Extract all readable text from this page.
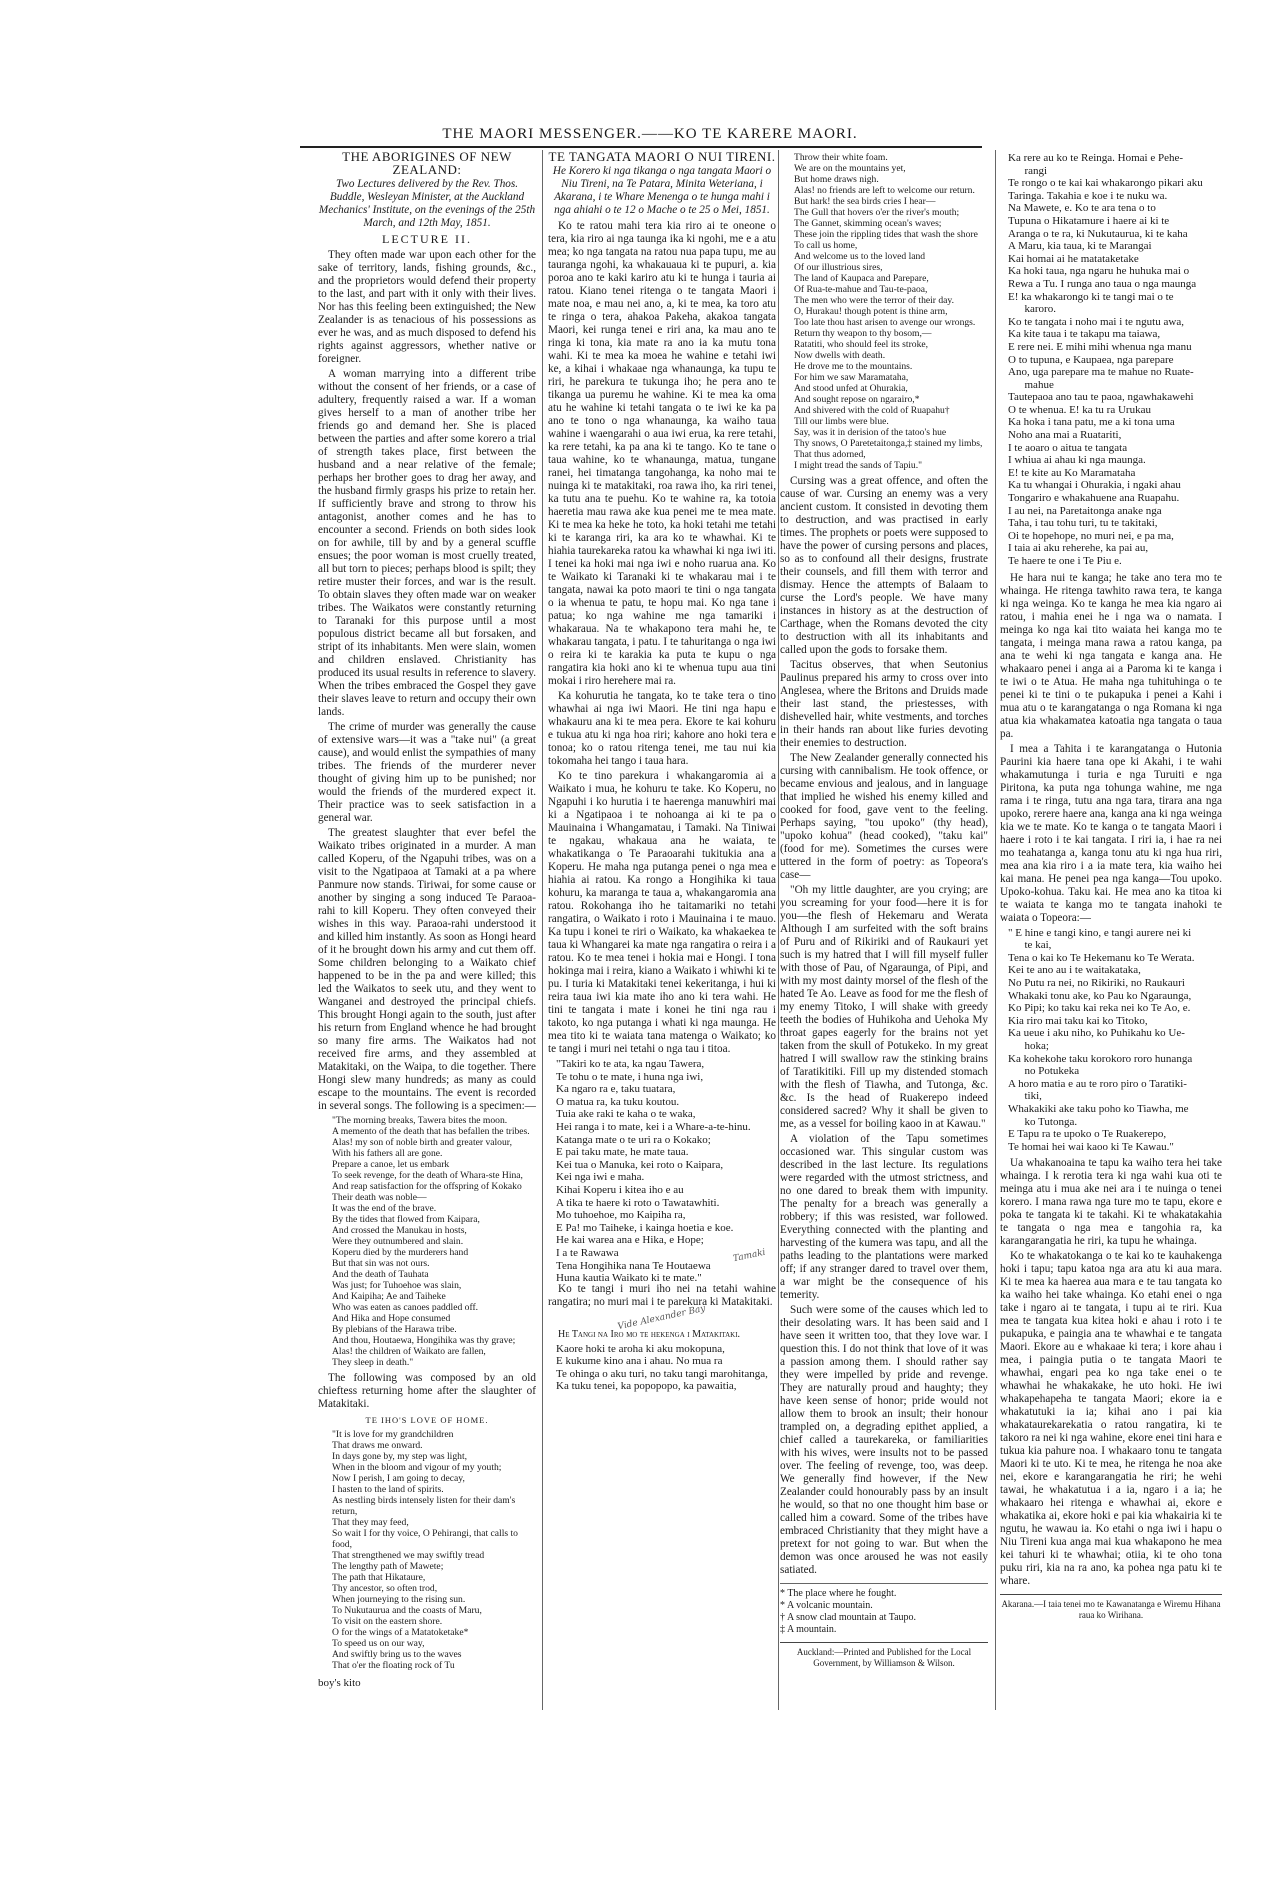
THE MAORI MESSENGER.——KO TE KARERE MAORI.
THE ABORIGINES OF NEW ZEALAND:
Two Lectures delivered by the Rev. Thos. Buddle, Wesleyan Minister, at the Auckland Mechanics' Institute, on the evenings of the 25th March, and 12th May, 1851.
LECTURE II.

They often made war upon each other for the sake of territory, lands, fishing grounds, &c., and the proprietors would defend their property to the last, and part with it only with their lives. Nor has this feeling been extinguished; the New Zealander is as tenacious of his possessions as ever he was, and as much disposed to defend his rights against aggressors, whether native or foreigner.

A woman marrying into a different tribe without the consent of her friends, or a case of adultery, frequently raised a war. If a woman gives herself to a man of another tribe her friends go and demand her. She is placed between the parties and after some korero a trial of strength takes place, first between the husband and a near relative of the female; perhaps her brother goes to drag her away, and the husband firmly grasps his prize to retain her. If sufficiently brave and strong to throw his antagonist, another comes and he has to encounter a second. Friends on both sides look on for awhile, till by and by a general scuffle ensues; the poor woman is most cruelly treated, all but torn to pieces; perhaps blood is spilt; they retire muster their forces, and war is the result. To obtain slaves they often made war on weaker tribes. The Waikatos were constantly returning to Taranaki for this purpose until a most populous district became all but forsaken, and stript of its inhabitants. Men were slain, women and children enslaved. Christianity has produced its usual results in reference to slavery. When the tribes embraced the Gospel they gave their slaves leave to return and occupy their own lands.

The crime of murder was generally the cause of extensive wars—it was a "take nui" (a great cause), and would enlist the sympathies of many tribes. The friends of the murderer never thought of giving him up to be punished; nor would the friends of the murdered expect it. Their practice was to seek satisfaction in a general war.

The greatest slaughter that ever befel the Waikato tribes originated in a murder. A man called Koperu, of the Ngapuhi tribes, was on a visit to the Ngatipaoa at Tamaki at a pa where Panmure now stands. Tiriwai, for some cause or another by singing a song induced Te Paraoa-rahi to kill Koperu. They often conveyed their wishes in this way. Paraoa-rahi understood it and killed him instantly. As soon as Hongi heard of it he brought down his army and cut them off. Some children belonging to a Waikato chief happened to be in the pa and were killed; this led the Waikatos to seek utu, and they went to Wanganei and destroyed the principal chiefs. This brought Hongi again to the south, just after his return from England whence he had brought so many fire arms. The Waikatos had not received fire arms, and they assembled at Matakitaki, on the Waipa, to die together. There Hongi slew many hundreds; as many as could escape to the mountains. The event is recorded in several songs. The following is a specimen:—

"The morning breaks, Tawera bites the moon.
A memento of the death that has befallen the tribes.
Alas! my son of noble birth and greater valour,
With his fathers all are gone.
Prepare a canoe, let us embark
To seek revenge, for the death of Whara-ste Hina,
And reap satisfaction for the offspring of Kokako
Their death was noble—
It was the end of the brave.
By the tides that flowed from Kaipara,
And crossed the Manukau in hosts,
Were they outnumbered and slain.
Koperu died by the murderers hand
But that sin was not ours.
And the death of Tauhata
Was just; for Tuhoehoe was slain,
And Kaipiha; Ae and Taiheke
Who was eaten as canoes paddled off.
And Hika and Hope consumed
By plebians of the Harawa tribe.
And thou, Houtaewa, Hongihika was thy grave;
Alas! the children of Waikato are fallen,
They sleep in death."

The following was composed by an old chieftess returning home after the slaughter of Matakitaki.

TE IHO'S LOVE OF HOME.
"It is love for my grandchildren
That draws me onward.
In days gone by, my step was light,
When in the bloom and vigour of my youth;
Now I perish, I am going to decay,
I hasten to the land of spirits.
As nestling birds intensely listen for their dam's return,
That they may feed,
So wait I for thy voice, O Pehirangi, that calls to food,
That strengthened we may swiftly tread
The lengthy path of Mawete;
The path that Hikataure,
Thy ancestor, so often trod,
When journeying to the rising sun.
To Nukutaurua and the coasts of Maru,
To visit on the eastern shore.
O for the wings of a Matatoketake*
To speed us on our way,
And swiftly bring us to the waves
That o'er the floating rock of Tu
boy's kito
TE TANGATA MAORI O NUI TIRENI.
He Korero ki nga tikanga o nga tangata Maori o Niu Tireni, na Te Patara, Minita Weteriana, i Akarana, i te Whare Menenga o te hunga mahi i nga ahiahi o te 12 o Mache o te 25 o Mei, 1851.

Ko te ratou mahi tera kia riro ai te oneone o tera, kia riro ai nga taunga ika ki ngohi, me e a atu mea; ko nga tangata na ratou nua papa tupu, me au tauranga ngohi, ka whakauaua ki te pupuri, a. kia poroa ano te kaki kariro atu ki te hunga i tauria ai ratou. Kiano tenei ritenga o te tangata Maori i mate noa, e mau nei ano, a, ki te mea, ka toro atu te ringa o tera, ahakoa Pakeha, akakoa tangata Maori, kei runga tenei e riri ana, ka mau ano te ringa ki tona, kia mate ra ano ia ka mutu tona wahi. Ki te mea ka moea he wahine e tetahi iwi ke, a kihai i whakaae nga whanaunga, ka tupu te riri, he parekura te tukunga iho; he pera ano te tikanga ua puremu he wahine. Ki te mea ka oma atu he wahine ki tetahi tangata o te iwi ke ka pa ano te tono o nga whanaunga, ka waiho taua wahine i waengarahi o aua iwi erua, ka rere tetahi, ka rere tetahi, ka pa ana ki te tango. Ko te tane o taua wahine, ko te whanaunga, matua, tungane ranei, hei timatanga tangohanga, ka noho mai te nuinga ki te matakitaki, roa rawa iho, ka riri tenei, ka tutu ana te puehu. Ko te wahine ra, ka totoia haeretia mau rawa ake kua penei me te mea mate. Ki te mea ka heke he toto, ka hoki tetahi me tetahi ki te karanga riri, ka ara ko te whawhai. Ki te hiahia taurekareka ratou ka whawhai ki nga iwi iti. I tenei ka hoki mai nga iwi e noho ruarua ana. Ko te Waikato ki Taranaki ki te whakarau mai i te tangata, nawai ka poto maori te tini o nga tangata o ia whenua te patu, te hopu mai. Ko nga tane i patua; ko nga wahine me nga tamariki i whakaraua. Na te whakapono tera mahi he, te whakarau tangata, i patu. I te tahuritanga o nga iwi o reira ki te karakia ka puta te kupu o nga rangatira kia hoki ano ki te whenua tupu aua tini mokai i riro herehere mai ra.

Ka kohurutia he tangata, ko te take tera o tino whawhai ai nga iwi Maori. He tini nga hapu e whakauru ana ki te mea pera. Ekore te kai kohuru e tukua atu ki nga hoa riri; kahore ano hoki tera e tonoa; ko o ratou ritenga tenei, me tau nui kia tokomaha hei tango i taua hara.

Ko te tino parekura i whakangaromia ai a Waikato i mua, he kohuru te take. Ko Koperu, no Ngapuhi i ko hurutia i te haerenga manuwhiri mai ki a Ngatipaoa i te nohoanga ai ki te pa o Mauinaina i Whangamatau, i Tamaki. Na Tiniwai te ngakau, whakaua ana he waiata, te whakatikanga o Te Paraoarahi tukitukia ana a Koperu. He maha nga putanga penei o nga mea e hiahia ai ratou. Ka rongo a Hongihika ki taua kohuru, ka maranga te taua a, whakangaromia ana ratou. Rokohanga iho he taitamariki no tetahi rangatira, o Waikato i roto i Mauinaina i te mauo. Ka tupu i konei te riri o Waikato, ka whakaekea te taua ki Whangarei ka mate nga rangatira o reira i a ratou. Ko te mea tenei i hokia mai e Hongi. I tona hokinga mai i reira, kiano a Waikato i whiwhi ki te pu. I turia ki Matakitaki tenei kekeritanga, i hui ki reira taua iwi kia mate iho ano ki tera wahi. He tini te tangata i mate i konei he tini nga rau i takoto, ko nga putanga i whati ki nga maunga. He mea tito ki te waiata tana matenga o Waikato; ko te tangi i muri nei tetahi o nga tau i titoa.

"Takiri ko te ata, ka ngau Tawera,
Te tohu o te mate, i huna nga iwi,
Ka ngaro ra e, taku tuatara,
O matua ra, ka tuku koutou.
Tuia ake raki te kaha o te waka,
Hei ranga i to mate, kei i a Whare-a-te-hinu.
Katanga mate o te uri ra o Kokako;
E pai taku mate, he mate taua.
Kei tua o Manuka, kei roto o Kaipara,
Kei nga iwi e maha.
Kihai Koperu i kitea iho e au
A tika te haere ki roto o Tawatawhiti.
Mo tuhoehoe, mo Kaipiha ra,
E Pa! mo Taiheke, i kainga hoetia e koe.
He kai warea ana e Hika, e Hope;
I a te Rawawa
Tena Hongihika nana Te Houtaewa
Huna kautia Waikato ki te mate."
Tamaki

Ko te tangi i muri iho nei na tetahi wahine rangatira; no muri mai i te parekura ki Matakitaki.

Vide Alexander Bay
He Tangi na Iro mo te hekenga i Matakitaki.
Kaore hoki te aroha ki aku mokopuna,
E kukume kino ana i ahau. No mua ra
Te ohinga o aku turi, no taku tangi marohitanga,
Ka tuku tenei, ka popopopo, ka pawaitia,
Throw their white foam.
We are on the mountains yet,
But home draws nigh.
Alas! no friends are left to welcome our return.
But hark! the sea birds cries I hear—
The Gull that hovers o'er the river's mouth;
The Gannet, skimming ocean's waves;
These join the rippling tides that wash the shore
To call us home,
And welcome us to the loved land
Of our illustrious sires,
The land of Kaupaca and Parepare,
Of Rua-te-mahue and Tau-te-paoa,
The men who were the terror of their day.
O, Hurakau! though potent is thine arm,
Too late thou hast arisen to avenge our wrongs.
Return thy weapon to thy bosom,—
Ratatiti, who should feel its stroke,
Now dwells with death.
He drove me to the mountains.
For him we saw Maramataha,
And stood unfed at Ohurakia,
And sought repose on ngarairo,*
And shivered with the cold of Ruapahu†
Till our limbs were blue.
Say, was it in derision of the tatoo's hue
Thy snows, O Paretetaitonga,‡ stained my limbs,
That thus adorned,
I might tread the sands of Tapiu."

Cursing was a great offence, and often the cause of war. Cursing an enemy was a very ancient custom. It consisted in devoting them to destruction, and was practised in early times. The prophets or poets were supposed to have the power of cursing persons and places, so as to confound all their designs, frustrate their counsels, and fill them with terror and dismay. Hence the attempts of Balaam to curse the Lord's people. We have many instances in history as at the destruction of Carthage, when the Romans devoted the city to destruction with all its inhabitants and called upon the gods to forsake them.

Tacitus observes, that when Seutonius Paulinus prepared his army to cross over into Anglesea, where the Britons and Druids made their last stand, the priestesses, with dishevelled hair, white vestments, and torches in their hands ran about like furies devoting their enemies to destruction.

The New Zealander generally connected his cursing with cannibalism. He took offence, or became envious and jealous, and in language that implied he wished his enemy killed and cooked for food, gave vent to the feeling. Perhaps saying, "tou upoko" (thy head), "upoko kohua" (head cooked), "taku kai" (food for me). Sometimes the curses were uttered in the form of poetry: as Topeora's case—

"Oh my little daughter, are you crying; are you screaming for your food—here it is for you—the flesh of Hekemaru and Werata Although I am surfeited with the soft brains of Puru and of Rikiriki and of Raukauri yet such is my hatred that I will fill myself fuller with those of Pau, of Ngaraunga, of Pipi, and with my most dainty morsel of the flesh of the hated Te Ao. Leave as food for me the flesh of my enemy Titoko, I will shake with greedy teeth the bodies of Huhikoha and Uehoka My throat gapes eagerly for the brains not yet taken from the skull of Potukeko. In my great hatred I will swallow raw the stinking brains of Taratikitiki. Fill up my distended stomach with the flesh of Tiawha, and Tutonga, &c. &c. Is the head of Ruakerepo indeed considered sacred? Why it shall be given to me, as a vessel for boiling kaoo in at Kawau."

A violation of the Tapu sometimes occasioned war. This singular custom was described in the last lecture. Its regulations were regarded with the utmost strictness, and no one dared to break them with impunity. The penalty for a breach was generally a robbery; if this was resisted, war followed. Everything connected with the planting and harvesting of the kumera was tapu, and all the paths leading to the plantations were marked off; if any stranger dared to travel over them, a war might be the consequence of his temerity.

Such were some of the causes which led to their desolating wars. It has been said and I have seen it written too, that they love war. I question this. I do not think that love of it was a passion among them. I should rather say they were impelled by pride and revenge. They are naturally proud and haughty; they have keen sense of honor; pride would not allow them to brook an insult; their honour trampled on, a degrading epithet applied, a chief called a taurekareka, or familiarities with his wives, were insults not to be passed over. The feeling of revenge, too, was deep. We generally find however, if the New Zealander could honourably pass by an insult he would, so that no one thought him base or called him a coward. Some of the tribes have embraced Christianity that they might have a pretext for not going to war. But when the demon was once aroused he was not easily satiated.

* The place where he fought.
* A volcanic mountain.
† A snow clad mountain at Taupo.
‡ A mountain.
Auckland:—Printed and Published for the Local Government, by Williamson & Wilson.
Ka rere au ko te Reinga. Homai e Pehe-
rangi
Te rongo o te kai kai whakarongo pikari aku
Taringa. Takahia e koe i te nuku wa.
Na Mawete, e. Ko te ara tena o to
Tupuna o Hikatamure i haere ai ki te
Aranga o te ra, ki Nukutaurua, ki te kaha
A Maru, kia taua, ki te Marangai
Kai homai ai he matataketake
Ka hoki taua, nga ngaru he huhuka mai o
Rewa a Tu. I runga ano taua o nga maunga
E! ka whakarongo ki te tangi mai o te
karoro.
Ko te tangata i noho mai i te ngutu awa,
Ka kite taua i te takapu ma taiawa,
E rere nei. E mihi mihi whenua nga manu
O to tupuna, e Kaupaea, nga parepare
Ano, uga parepare ma te mahue no Ruate-
mahue
Tautepaoa ano tau te paoa, ngawhakawehi
O te whenua. E! ka tu ra Urukau
Ka hoka i tana patu, me a ki tona uma
Noho ana mai a Ruatariti,
I te aoaro o aitua te tangata
I whiua ai ahau ki nga maunga.
E! te kite au Ko Maramataha
Ka tu whangai i Ohurakia, i ngaki ahau
Tongariro e whakahuene ana Ruapahu.
I au nei, na Paretaitonga anake nga
Taha, i tau tohu turi, tu te takitaki,
Oi te hopehope, no muri nei, e pa ma,
I taia ai aku reherehe, ka pai au,
Te haere te one i Te Piu e.

He hara nui te kanga; he take ano tera mo te whainga. He ritenga tawhito rawa tera, te kanga ki nga weinga. Ko te kanga he mea kia ngaro ai ratou, i mahia enei he i nga wa o namata. I meinga ko nga kai tito waiata hei kanga mo te tangata, i meinga mana rawa a ratou kanga, pa ana te wehi ki nga tangata e kanga ana. He whakaaro penei i anga ai a Paroma ki te kanga i te iwi o te Atua. He maha nga tuhituhinga o te penei ki te tini o te pukapuka i penei a Kahi i mua atu o te karangatanga o nga Romana ki nga atua kia whakamatea katoatia nga tangata o taua pa.

I mea a Tahita i te karangatanga o Hutonia Paurini kia haere tana ope ki Akahi, i te wahi whakamutunga i turia e nga Turuiti e nga Piritona, ka puta nga tohunga wahine, me nga rama i te ringa, tutu ana nga tara, tirara ana nga upoko, rerere haere ana, kanga ana ki nga weinga kia we te mate. Ko te kanga o te tangata Maori i haere i roto i te kai tangata. I riri ia, i hae ra nei mo teahatanga a, kanga tonu atu ki nga hua riri, mea ana kia riro i a ia mate tera, kia waiho hei kai mana. He penei pea nga kanga—Tou upoko. Upoko-kohua. Taku kai. He mea ano ka titoa ki te waiata te kanga mo te tangata inahoki te waiata o Topeora:—

" E hine e tangi kino, e tangi aurere nei ki
te kai,
Tena o kai ko Te Hekemanu ko Te Werata.
Kei te ano au i te waitakataka,
No Putu ra nei, no Rikiriki, no Raukauri
Whakaki tonu ake, ko Pau ko Ngaraunga,
Ko Pipi; ko taku kai reka nei ko Te Ao, e.
Kia riro mai taku kai ko Titoko,
Ka ueue i aku niho, ko Puhikahu ko Ue-
hoka;
Ka kohekohe taku korokoro roro hunanga
no Potukeka
A horo matia e au te roro piro o Taratiki-
tiki,
Whakakiki ake taku poho ko Tiawha, me
ko Tutonga.
E Tapu ra te upoko o Te Ruakerepo,
Te homai hei wai kaoo ki Te Kawau."

Ua whakanoaina te tapu ka waiho tera hei take whainga. I k rerotia tera ki nga wahi kua oti te meinga atu i mua ake nei ara i te nuinga o tenei korero. I mana rawa nga ture mo te tapu, ekore e poka te tangata ki te takahi. Ki te whakatakahia te tangata o nga mea e tangohia ra, ka karangarangatia he riri, ka tupu he whainga.

Ko te whakatokanga o te kai ko te kauhakenga hoki i tapu; tapu katoa nga ara atu ki aua mara. Ki te mea ka haerea aua mara e te tau tangata ko ka waiho hei take whainga. Ko etahi enei o nga take i ngaro ai te tangata, i tupu ai te riri. Kua mea te tangata kua kitea hoki e ahau i roto i te pukapuka, e paingia ana te whawhai e te tangata Maori. Ekore au e whakaae ki tera; i kore ahau i mea, i paingia putia o te tangata Maori te whawhai, engari pea ko nga take enei o te whawhai he whakakake, he uto hoki. He iwi whakapehapeha te tangata Maori; ekore ia e whakatutuki ia ia; kihai ano i pai kia whakataurekarekatia o ratou rangatira, ki te takoro ra nei ki nga wahine, ekore enei tini hara e tukua kia pahure noa. I whakaaro tonu te tangata Maori ki te uto. Ki te mea, he ritenga he noa ake nei, ekore e karangarangatia he riri; he wehi tawai, he whakatutua i a ia, ngaro i a ia; he whakaaro hei ritenga e whawhai ai, ekore e whakatika ai, ekore hoki e pai kia whakairia ki te ngutu, he wawau ia. Ko etahi o nga iwi i hapu o Niu Tireni kua anga mai kua whakapono he mea kei tahuri ki te whawhai; otiia, ki te oho tona puku riri, kia na ra ano, ka pohea nga patu ki te whare.

Akarana.—I taia tenei mo te Kawanatanga e Wiremu Hihana raua ko Wirihana.
